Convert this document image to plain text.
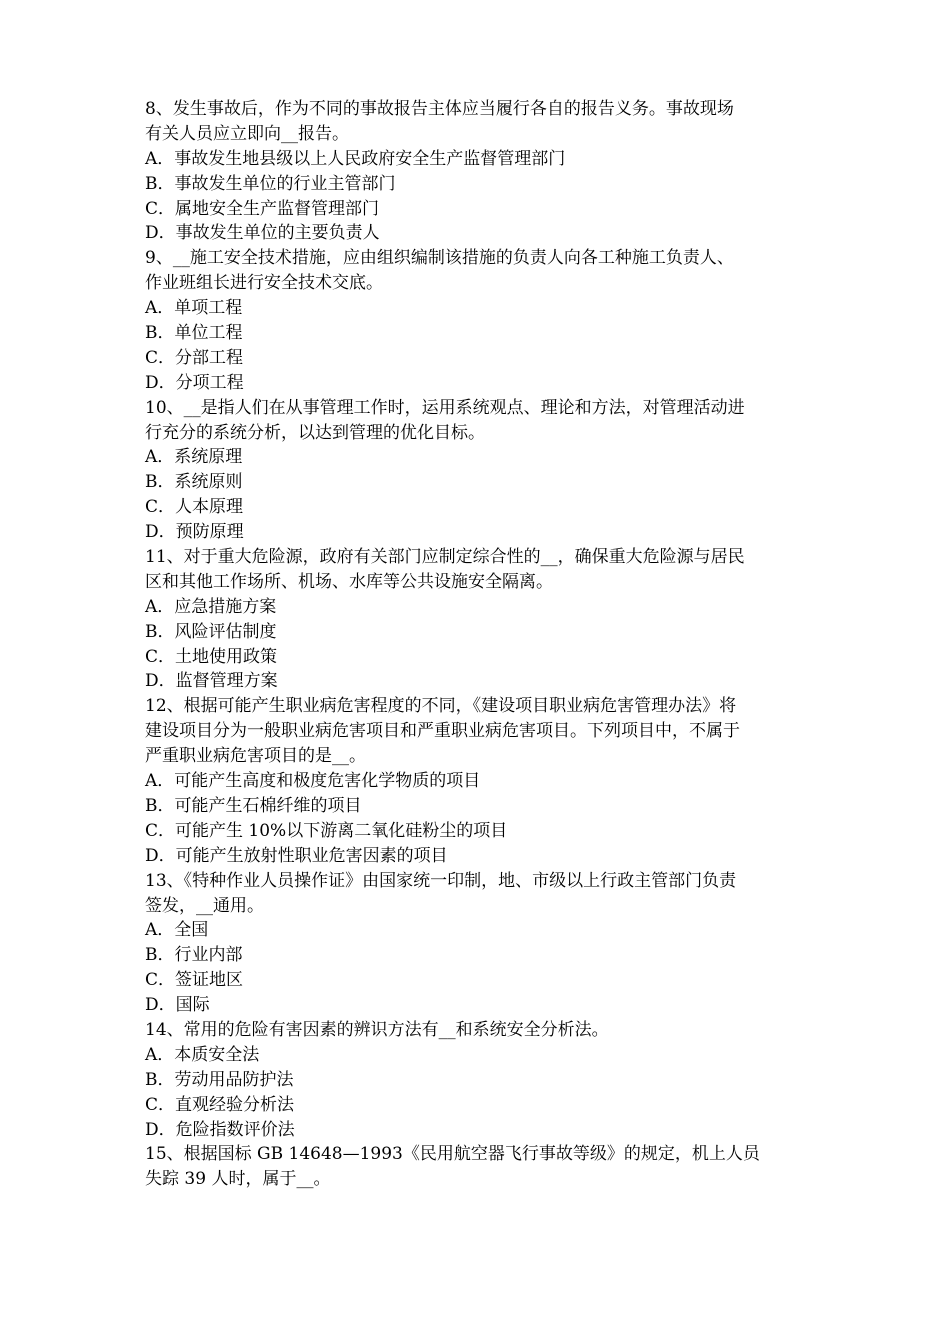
8、发生事故后，作为不同的事故报告主体应当履行各自的报告义务。事故现场
有关人员应立即向__报告。
A．事故发生地县级以上人民政府安全生产监督管理部门
B．事故发生单位的行业主管部门
C．属地安全生产监督管理部门
D．事故发生单位的主要负责人
9、__施工安全技术措施，应由组织编制该措施的负责人向各工种施工负责人、
作业班组长进行安全技术交底。
A．单项工程
B．单位工程
C．分部工程
D．分项工程
10、__是指人们在从事管理工作时，运用系统观点、理论和方法，对管理活动进
行充分的系统分析，以达到管理的优化目标。
A．系统原理
B．系统原则
C．人本原理
D．预防原理
11、对于重大危险源，政府有关部门应制定综合性的__，确保重大危险源与居民
区和其他工作场所、机场、水库等公共设施安全隔离。
A．应急措施方案
B．风险评估制度
C．土地使用政策
D．监督管理方案
12、根据可能产生职业病危害程度的不同，《建设项目职业病危害管理办法》将
建设项目分为一般职业病危害项目和严重职业病危害项目。下列项目中，不属于
严重职业病危害项目的是__。
A．可能产生高度和极度危害化学物质的项目
B．可能产生石棉纤维的项目
C．可能产生 10%以下游离二氧化硅粉尘的项目
D．可能产生放射性职业危害因素的项目
13、《特种作业人员操作证》由国家统一印制，地、市级以上行政主管部门负责
签发，__通用。
A．全国
B．行业内部
C．签证地区
D．国际
14、常用的危险有害因素的辨识方法有__和系统安全分析法。
A．本质安全法
B．劳动用品防护法
C．直观经验分析法
D．危险指数评价法
15、根据国标 GB 14648—1993《民用航空器飞行事故等级》的规定，机上人员
失踪 39 人时，属于__。
